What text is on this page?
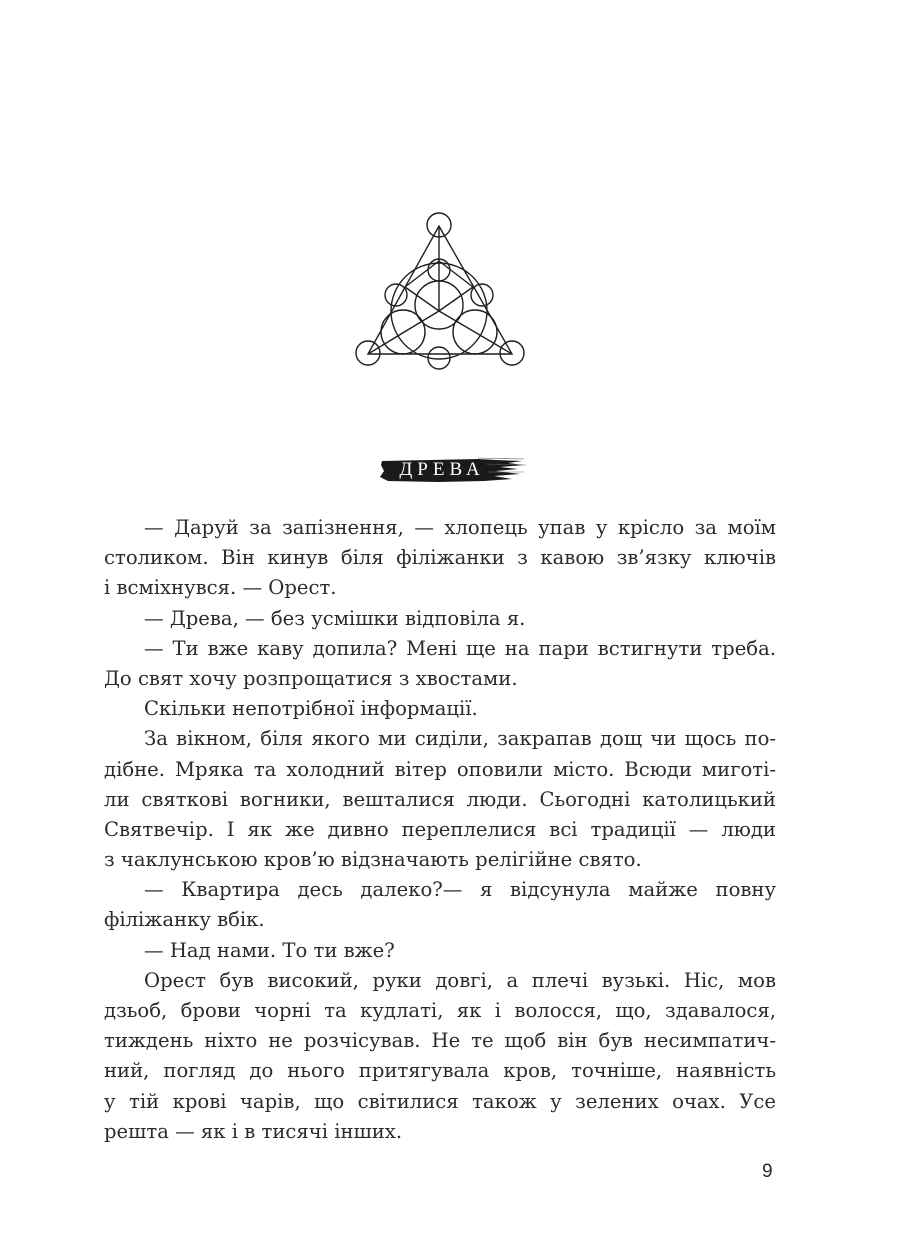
ДРЕВА
— Даруй за запізнення, — хлопець упав у крісло за моїм
столиком. Він кинув біля філіжанки з кавою зв’язку ключів
і всміхнувся. — Орест.
— Древа, — без усмішки відповіла я.
— Ти вже каву допила? Мені ще на пари встигнути треба.
До свят хочу розпрощатися з хвостами.
Скільки непотрібної інформації.
За вікном, біля якого ми сиділи, закрапав дощ чи щось по-
дібне. Мряка та холодний вітер оповили місто. Всюди миготі-
ли святкові вогники, вешталися люди. Сьогодні католицький
Святвечір. І як же дивно переплелися всі традиції — люди
з чаклунською кров’ю відзначають релігійне свято.
— Квартира десь далеко?— я відсунула майже повну
філіжанку вбік.
— Над нами. То ти вже?
Орест був високий, руки довгі, а плечі вузькі. Ніс, мов
дзьоб, брови чорні та кудлаті, як і волосся, що, здавалося,
тиждень ніхто не розчісував. Не те щоб він був несимпатич-
ний, погляд до нього притягувала кров, точніше, наявність
у тій крові чарів, що світилися також у зелених очах. Усе
решта — як і в тисячі інших.
9
